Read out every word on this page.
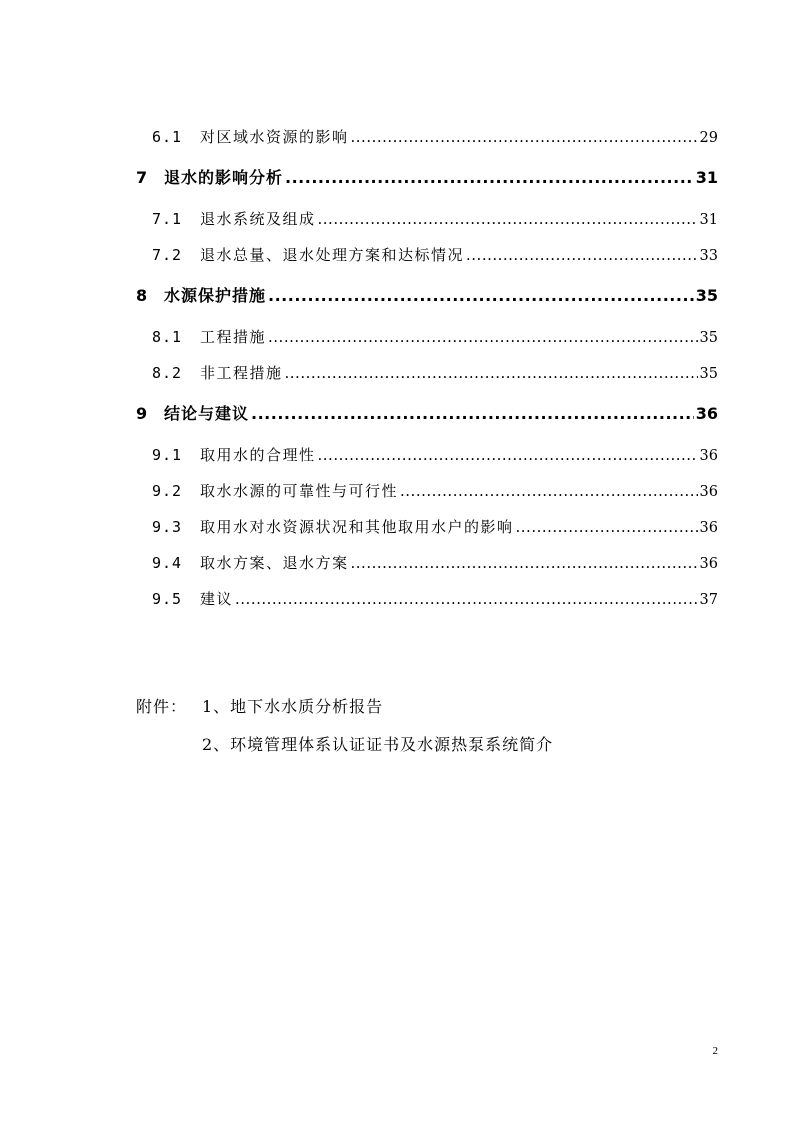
6.1	对区域水资源的影响 .....	29
7	退水的影响分析 .....	31
7.1	退水系统及组成 .....	31
7.2	退水总量、退水处理方案和达标情况 .....	33
8	水源保护措施 .....	35
8.1	工程措施 .....	35
8.2	非工程措施 .....	35
9	结论与建议 .....	36
9.1	取用水的合理性 .....	36
9.2	取水水源的可靠性与可行性 .....	36
9.3	取用水对水资源状况和其他取用水户的影响 .....	36
9.4	取水方案、退水方案 .....	36
9.5	建议 .....	37
附件： 1、地下水水质分析报告
2、环境管理体系认证证书及水源热泵系统简介
2
